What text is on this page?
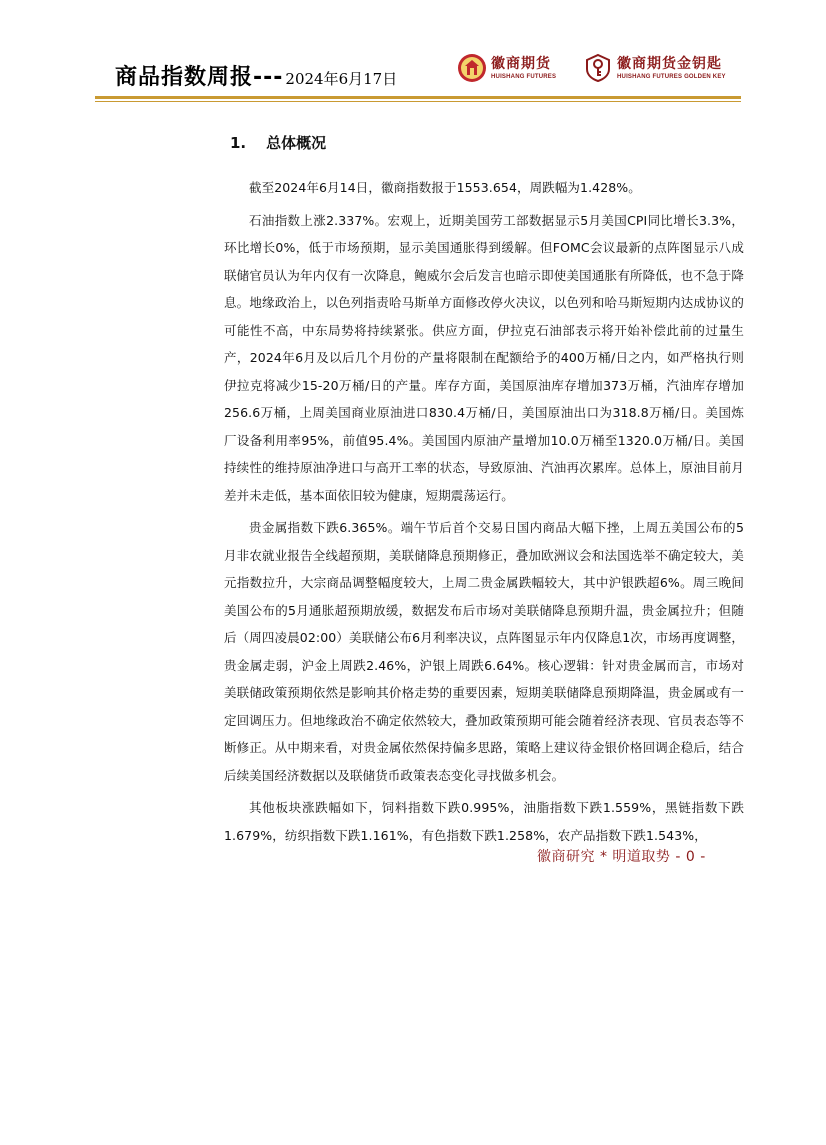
商品指数周报--- 2024年6月17日
徽商期货
HUISHANG FUTURES
徽商期货金钥匙
HUISHANG FUTURES GOLDEN KEY
1. 总体概况

截至2024年6月14日，徽商指数报于1553.654，周跌幅为1.428%。

石油指数上涨2.337%。宏观上，近期美国劳工部数据显示5月美国CPI同比增长3.3%，环比增长0%，低于市场预期，显示美国通胀得到缓解。但FOMC会议最新的点阵图显示八成联储官员认为年内仅有一次降息，鲍威尔会后发言也暗示即使美国通胀有所降低，也不急于降息。地缘政治上，以色列指责哈马斯单方面修改停火决议，以色列和哈马斯短期内达成协议的可能性不高，中东局势将持续紧张。供应方面，伊拉克石油部表示将开始补偿此前的过量生产，2024年6月及以后几个月份的产量将限制在配额给予的400万桶/日之内，如严格执行则伊拉克将减少15-20万桶/日的产量。库存方面，美国原油库存增加373万桶，汽油库存增加256.6万桶，上周美国商业原油进口830.4万桶/日，美国原油出口为318.8万桶/日。美国炼厂设备利用率95%，前值95.4%。美国国内原油产量增加10.0万桶至1320.0万桶/日。美国持续性的维持原油净进口与高开工率的状态，导致原油、汽油再次累库。总体上，原油目前月差并未走低，基本面依旧较为健康，短期震荡运行。

贵金属指数下跌6.365%。端午节后首个交易日国内商品大幅下挫，上周五美国公布的5月非农就业报告全线超预期，美联储降息预期修正，叠加欧洲议会和法国选举不确定较大，美元指数拉升，大宗商品调整幅度较大，上周二贵金属跌幅较大，其中沪银跌超6%。周三晚间美国公布的5月通胀超预期放缓，数据发布后市场对美联储降息预期升温，贵金属拉升；但随后（周四凌晨02:00）美联储公布6月利率决议，点阵图显示年内仅降息1次，市场再度调整，贵金属走弱，沪金上周跌2.46%，沪银上周跌6.64%。核心逻辑：针对贵金属而言，市场对美联储政策预期依然是影响其价格走势的重要因素，短期美联储降息预期降温，贵金属或有一定回调压力。但地缘政治不确定依然较大，叠加政策预期可能会随着经济表现、官员表态等不断修正。从中期来看，对贵金属依然保持偏多思路，策略上建议待金银价格回调企稳后，结合后续美国经济数据以及联储货币政策表态变化寻找做多机会。

其他板块涨跌幅如下，饲料指数下跌0.995%，油脂指数下跌1.559%，黑链指数下跌1.679%，纺织指数下跌1.161%，有色指数下跌1.258%，农产品指数下跌1.543%，

徽商研究 * 明道取势 - 0 -
